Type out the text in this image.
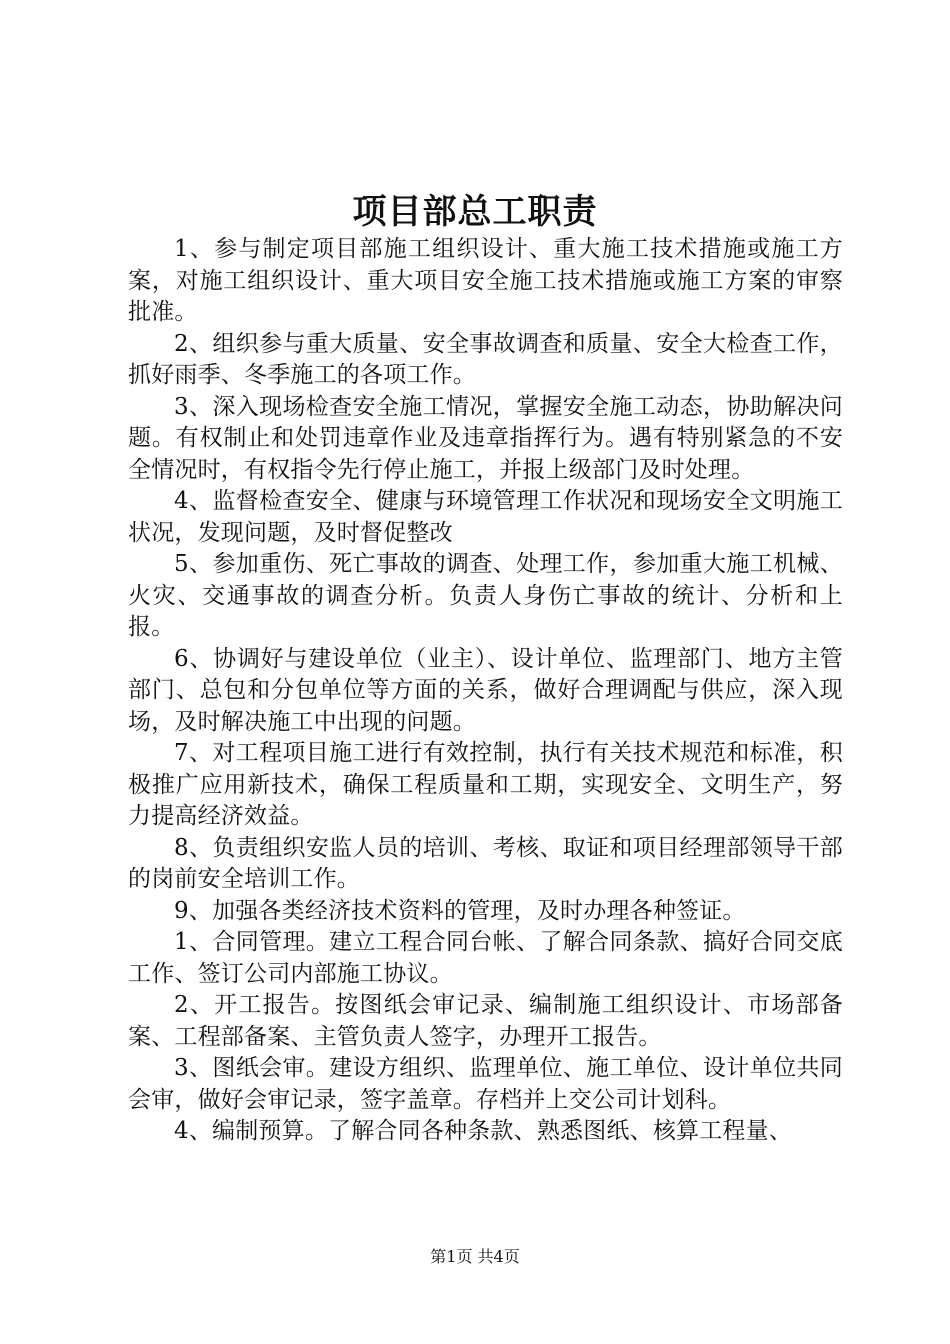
项目部总工职责

1、参与制定项目部施工组织设计、重大施工技术措施或施工方案，对施工组织设计、重大项目安全施工技术措施或施工方案的审察批准。

2、组织参与重大质量、安全事故调查和质量、安全大检查工作，抓好雨季、冬季施工的各项工作。

3、深入现场检查安全施工情况，掌握安全施工动态，协助解决问题。有权制止和处罚违章作业及违章指挥行为。遇有特别紧急的不安全情况时，有权指令先行停止施工，并报上级部门及时处理。

4、监督检查安全、健康与环境管理工作状况和现场安全文明施工状况，发现问题，及时督促整改

5、参加重伤、死亡事故的调查、处理工作，参加重大施工机械、火灾、交通事故的调查分析。负责人身伤亡事故的统计、分析和上报。

6、协调好与建设单位（业主）、设计单位、监理部门、地方主管部门、总包和分包单位等方面的关系，做好合理调配与供应，深入现场，及时解决施工中出现的问题。

7、对工程项目施工进行有效控制，执行有关技术规范和标准，积极推广应用新技术，确保工程质量和工期，实现安全、文明生产，努力提高经济效益。

8、负责组织安监人员的培训、考核、取证和项目经理部领导干部的岗前安全培训工作。

9、加强各类经济技术资料的管理，及时办理各种签证。

1、合同管理。建立工程合同台帐、了解合同条款、搞好合同交底工作、签订公司内部施工协议。

2、开工报告。按图纸会审记录、编制施工组织设计、市场部备案、工程部备案、主管负责人签字，办理开工报告。

3、图纸会审。建设方组织、监理单位、施工单位、设计单位共同会审，做好会审记录，签字盖章。存档并上交公司计划科。

4、编制预算。了解合同各种条款、熟悉图纸、核算工程量、

第1页 共4页
